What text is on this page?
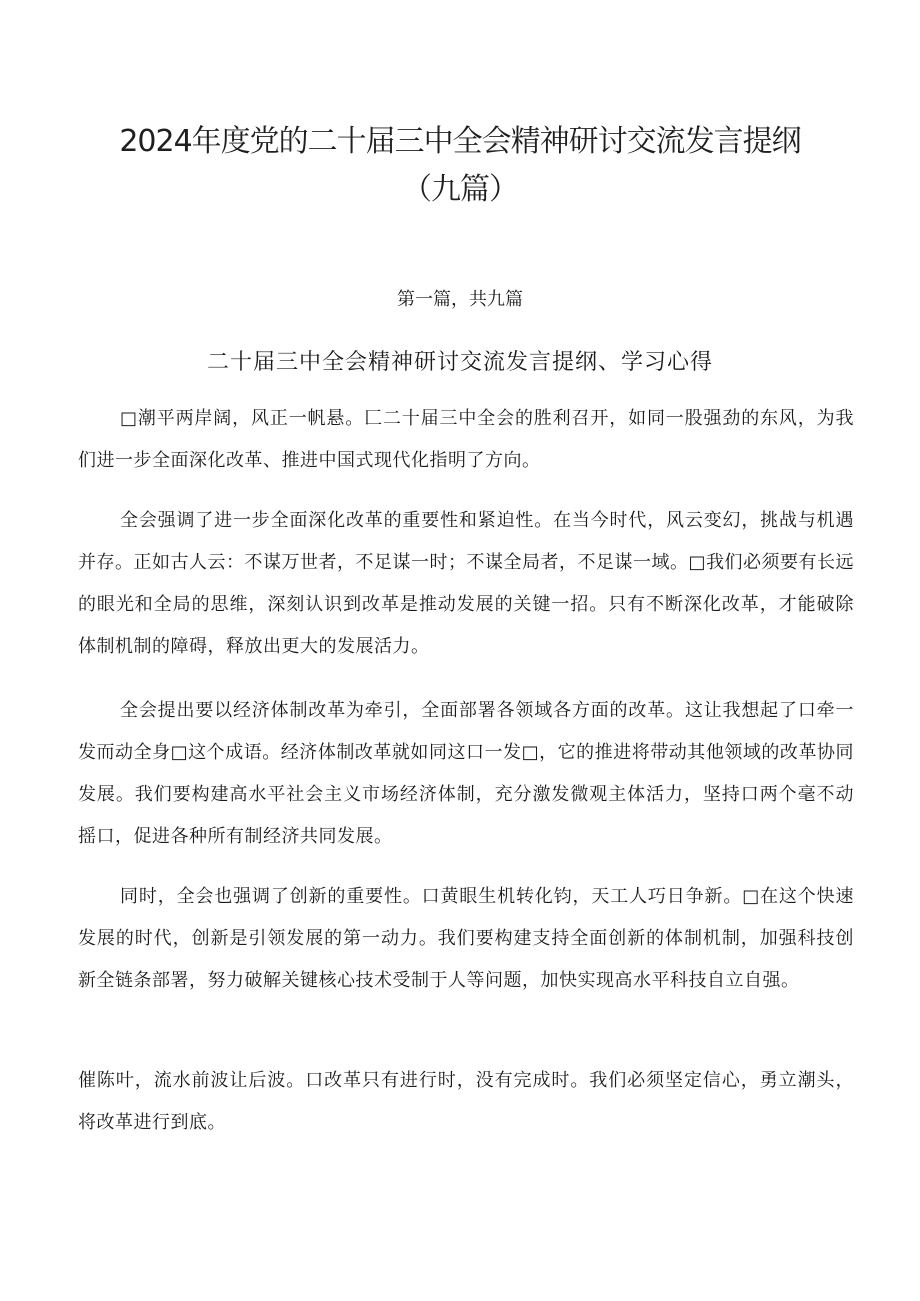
2024年度党的二十届三中全会精神研讨交流发言提纲
（九篇）

第一篇，共九篇

二十届三中全会精神研讨交流发言提纲、学习心得

□潮平两岸阔，风正一帆悬。匚二十届三中全会的胜利召开，如同一股强劲的东风，为我们进一步全面深化改革、推进中国式现代化指明了方向。

全会强调了进一步全面深化改革的重要性和紧迫性。在当今时代，风云变幻，挑战与机遇并存。正如古人云：不谋万世者，不足谋一时；不谋全局者，不足谋一域。□我们必须要有长远的眼光和全局的思维，深刻认识到改革是推动发展的关键一招。只有不断深化改革，才能破除体制机制的障碍，释放出更大的发展活力。

全会提出要以经济体制改革为牵引，全面部署各领域各方面的改革。这让我想起了口牵一发而动全身□这个成语。经济体制改革就如同这口一发□，它的推进将带动其他领域的改革协同发展。我们要构建高水平社会主义市场经济体制，充分激发微观主体活力，坚持口两个毫不动摇口，促进各种所有制经济共同发展。

同时，全会也强调了创新的重要性。口黄眼生机转化钧，天工人巧日争新。□在这个快速发展的时代，创新是引领发展的第一动力。我们要构建支持全面创新的体制机制，加强科技创新全链条部署，努力破解关键核心技术受制于人等问题，加快实现高水平科技自立自强。

催陈叶，流水前波让后波。口改革只有进行时，没有完成时。我们必须坚定信心，勇立潮头，将改革进行到底。
